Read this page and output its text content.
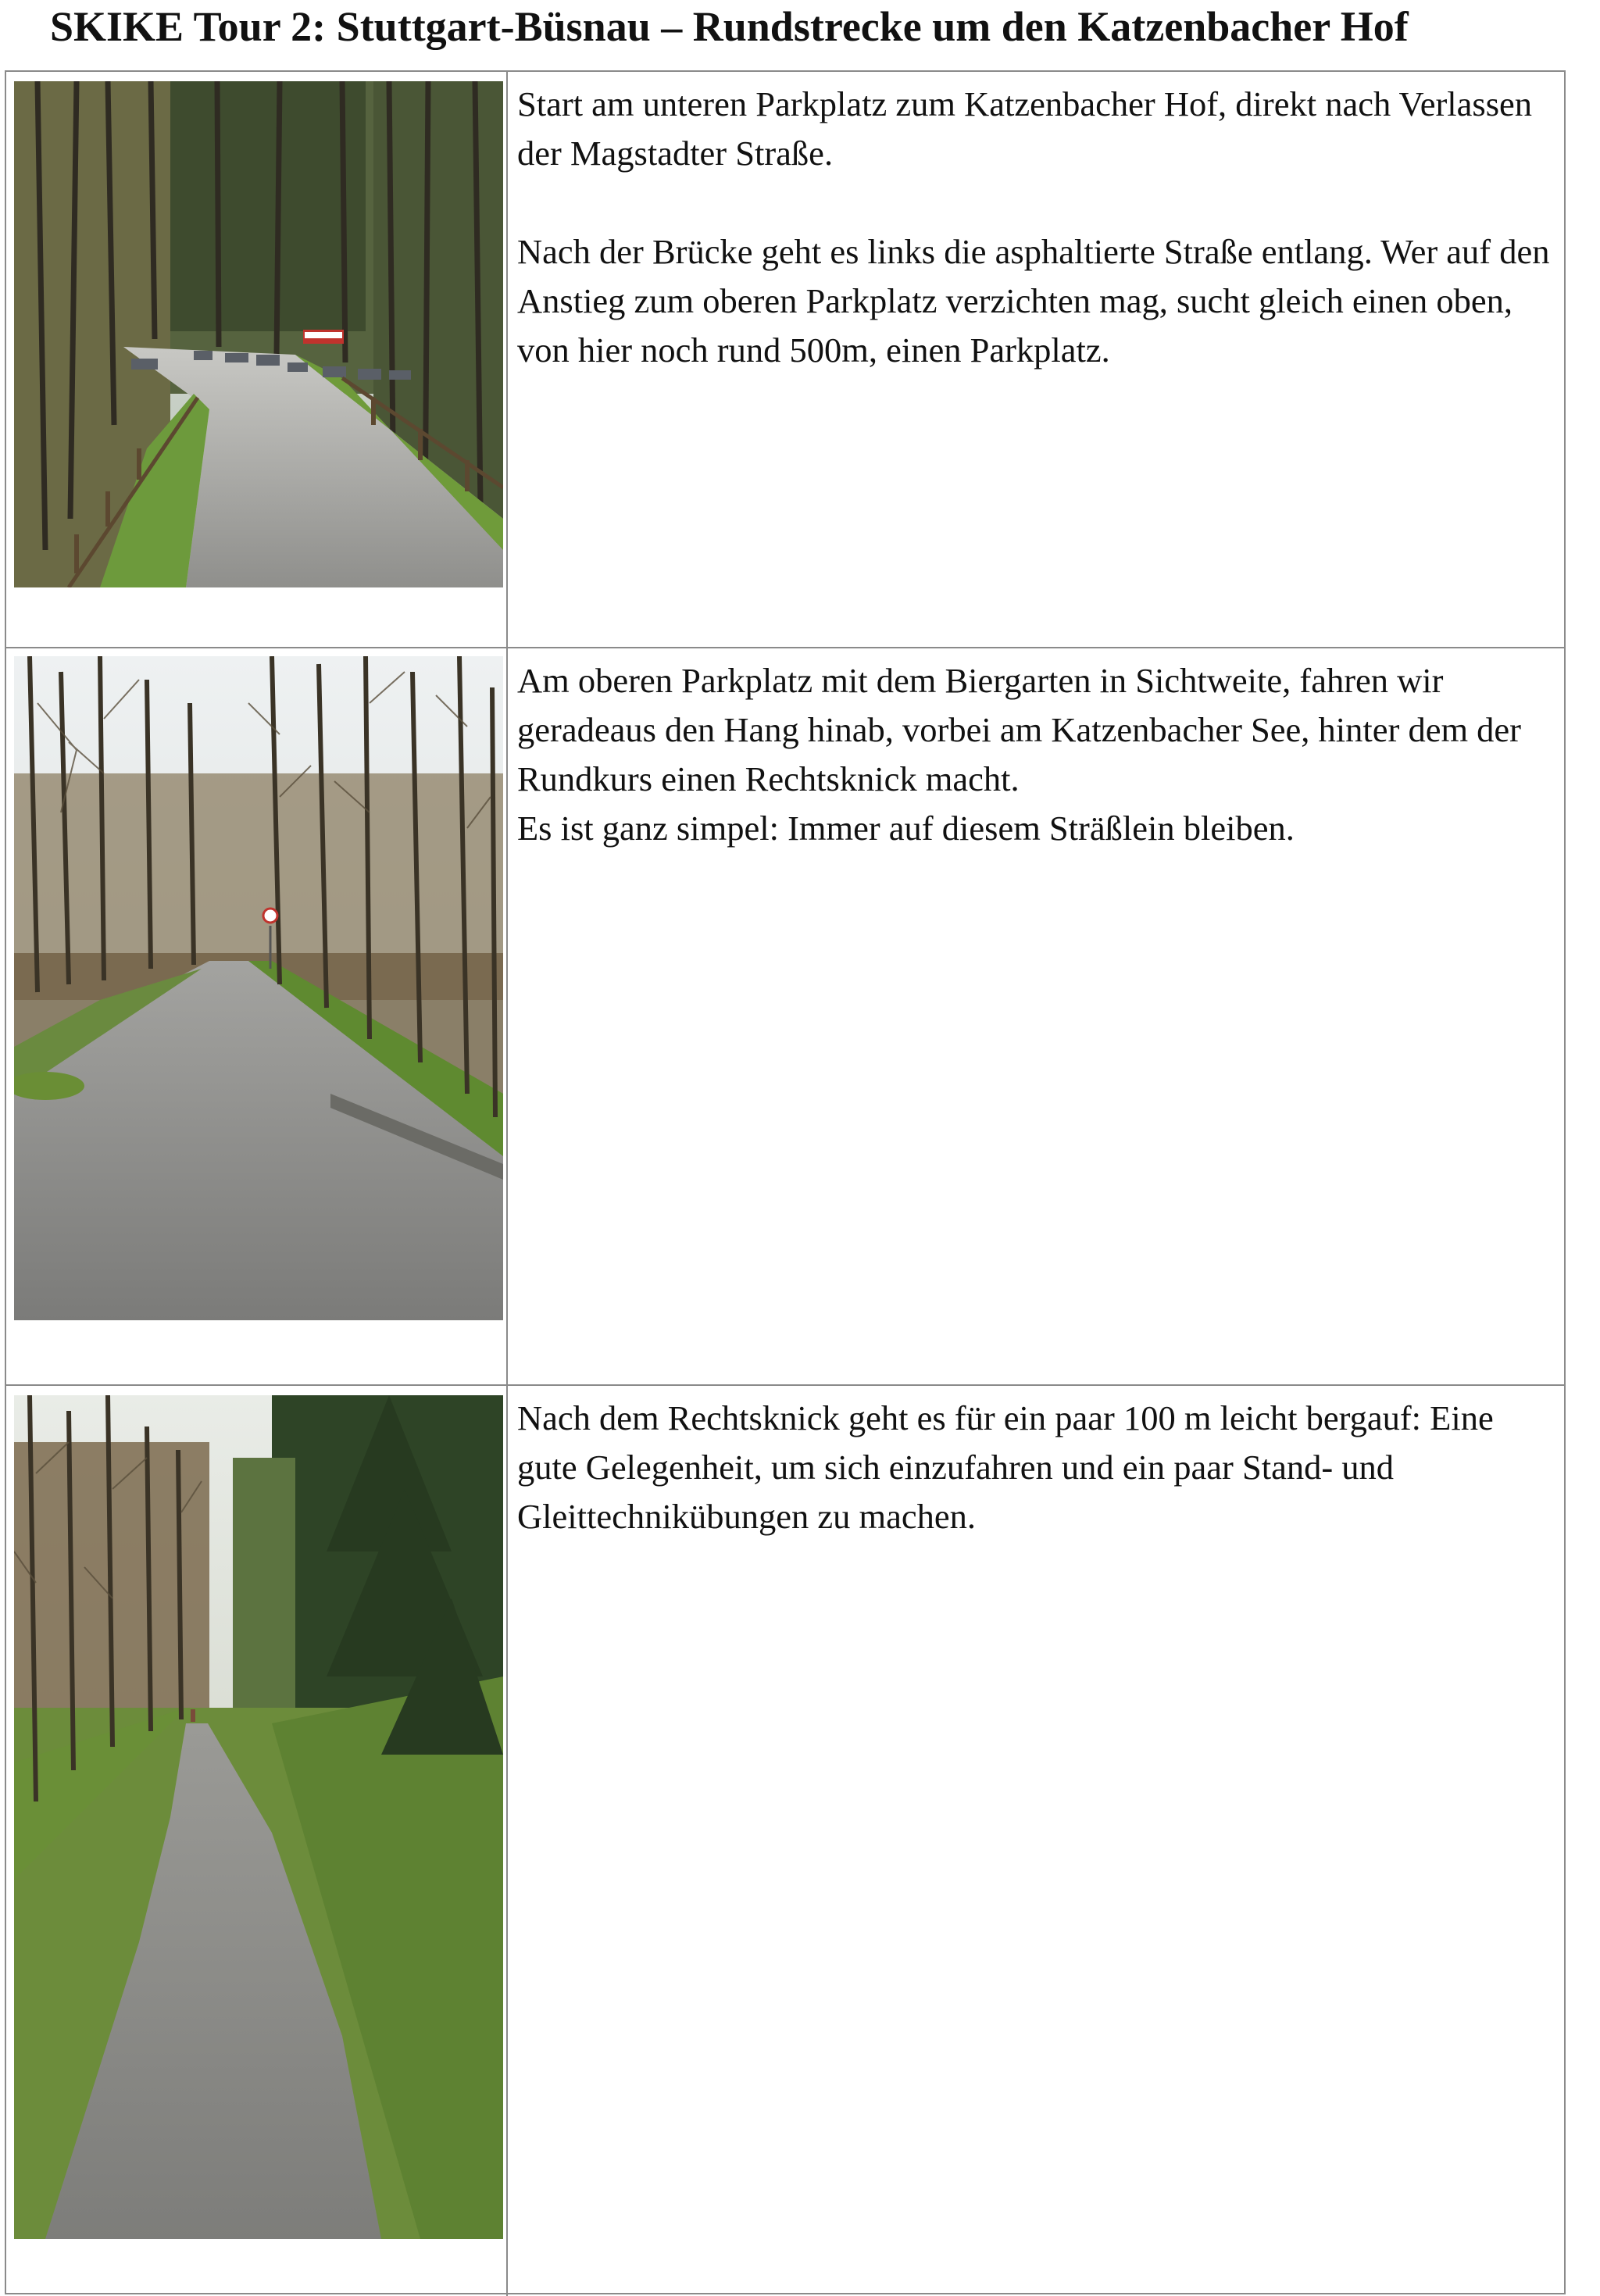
SKIKE Tour 2: Stuttgart-Büsnau – Rundstrecke um den Katzenbacher Hof

Start am unteren Parkplatz zum Katzenbacher Hof, direkt nach Verlassen der Magstadter Straße.

Nach der Brücke geht es links die asphaltierte Straße entlang. Wer auf den Anstieg zum oberen Parkplatz verzichten mag, sucht gleich einen oben, von hier noch rund 500m, einen Parkplatz.

Am oberen Parkplatz mit dem Biergarten in Sichtweite, fahren wir geradeaus den Hang hinab, vorbei am Katzenbacher See, hinter dem der Rundkurs einen Rechtsknick macht.

Es ist ganz simpel: Immer auf diesem Sträßlein bleiben.

Nach dem Rechtsknick geht es für ein paar 100 m leicht bergauf: Eine gute Gelegenheit, um sich einzufahren und ein paar Stand- und Gleittechnikübungen zu machen.
